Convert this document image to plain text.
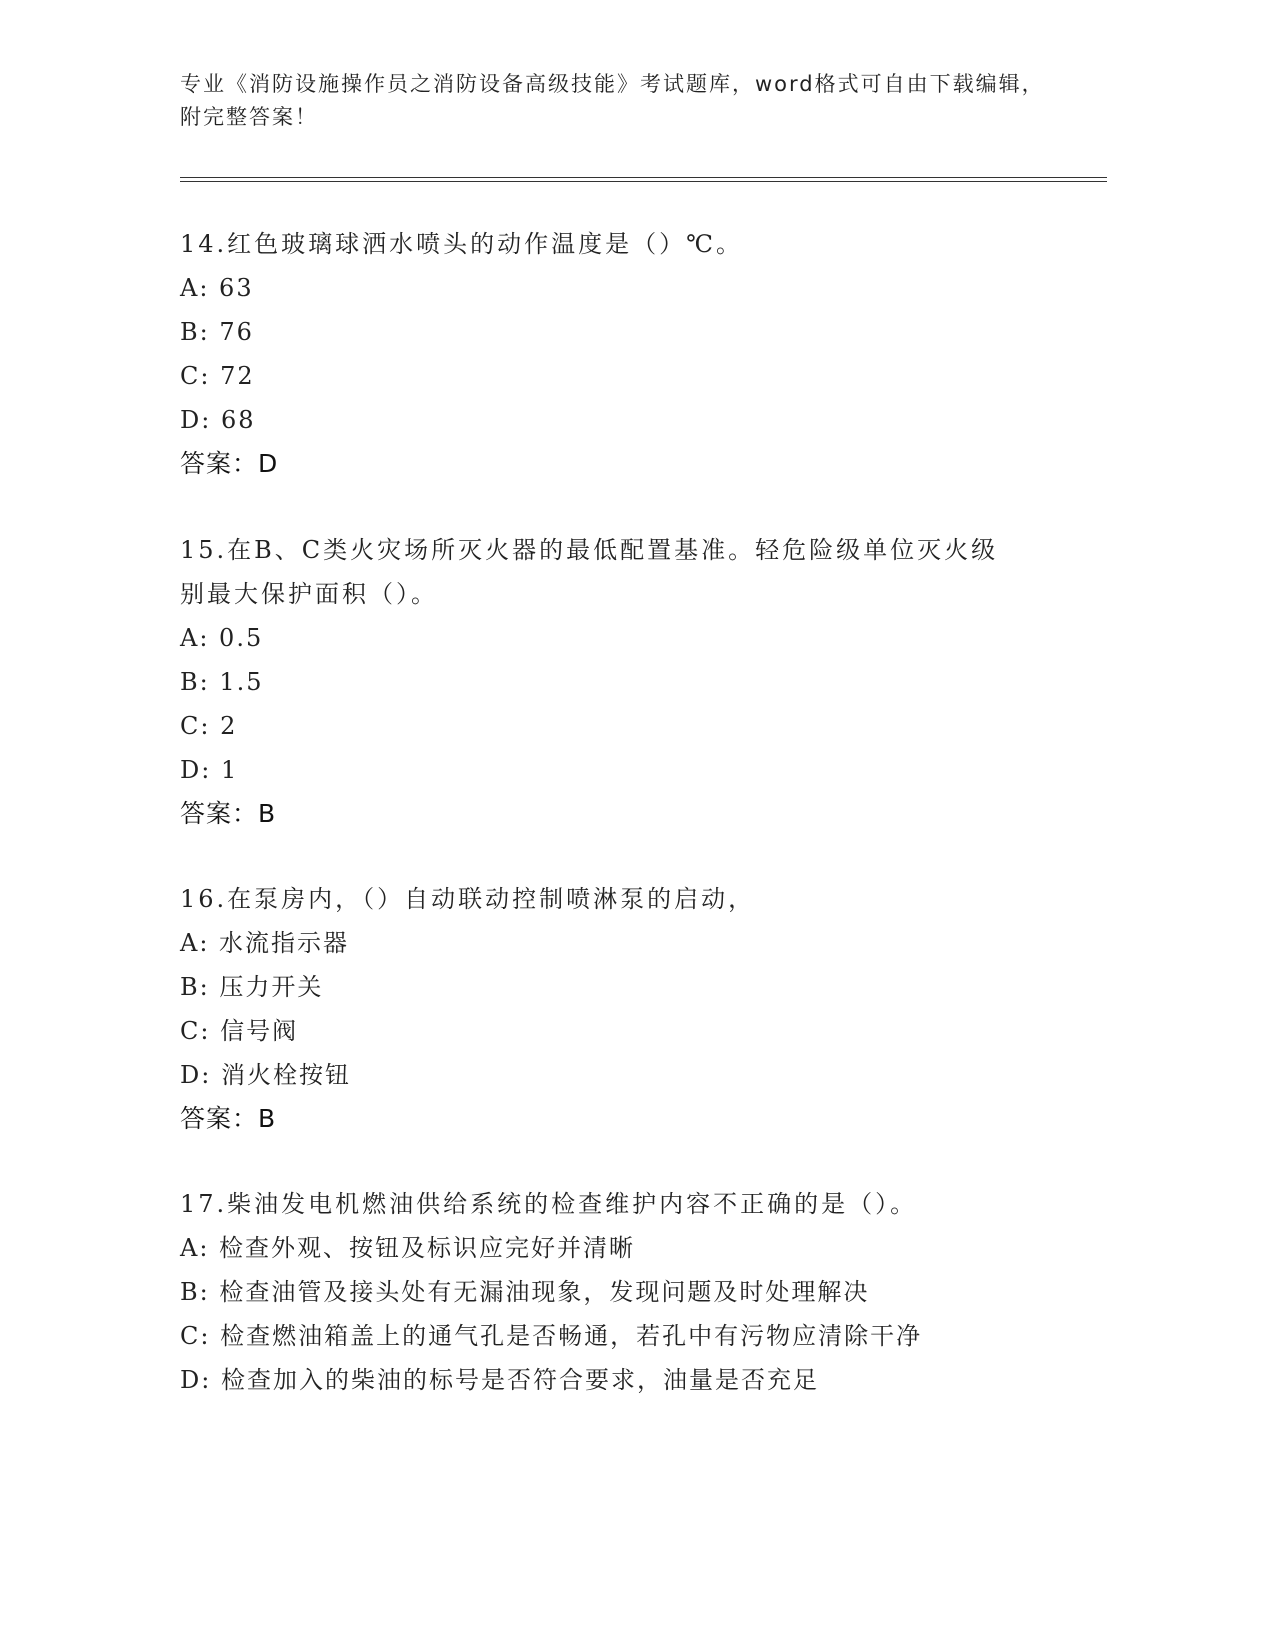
专业《消防设施操作员之消防设备高级技能》考试题库，word格式可自由下载编辑，附完整答案！
14.红色玻璃球洒水喷头的动作温度是（）℃。
A: 63
B: 76
C: 72
D: 68
答案：D
15.在B、C类火灾场所灭火器的最低配置基准。轻危险级单位灭火级别最大保护面积（）。
A: 0.5
B: 1.5
C: 2
D: 1
答案：B
16.在泵房内，（）自动联动控制喷淋泵的启动，
A: 水流指示器
B: 压力开关
C: 信号阀
D: 消火栓按钮
答案：B
17.柴油发电机燃油供给系统的检查维护内容不正确的是（）。
A: 检查外观、按钮及标识应完好并清晰
B: 检查油管及接头处有无漏油现象，发现问题及时处理解决
C: 检查燃油箱盖上的通气孔是否畅通，若孔中有污物应清除干净
D: 检查加入的柴油的标号是否符合要求，油量是否充足
